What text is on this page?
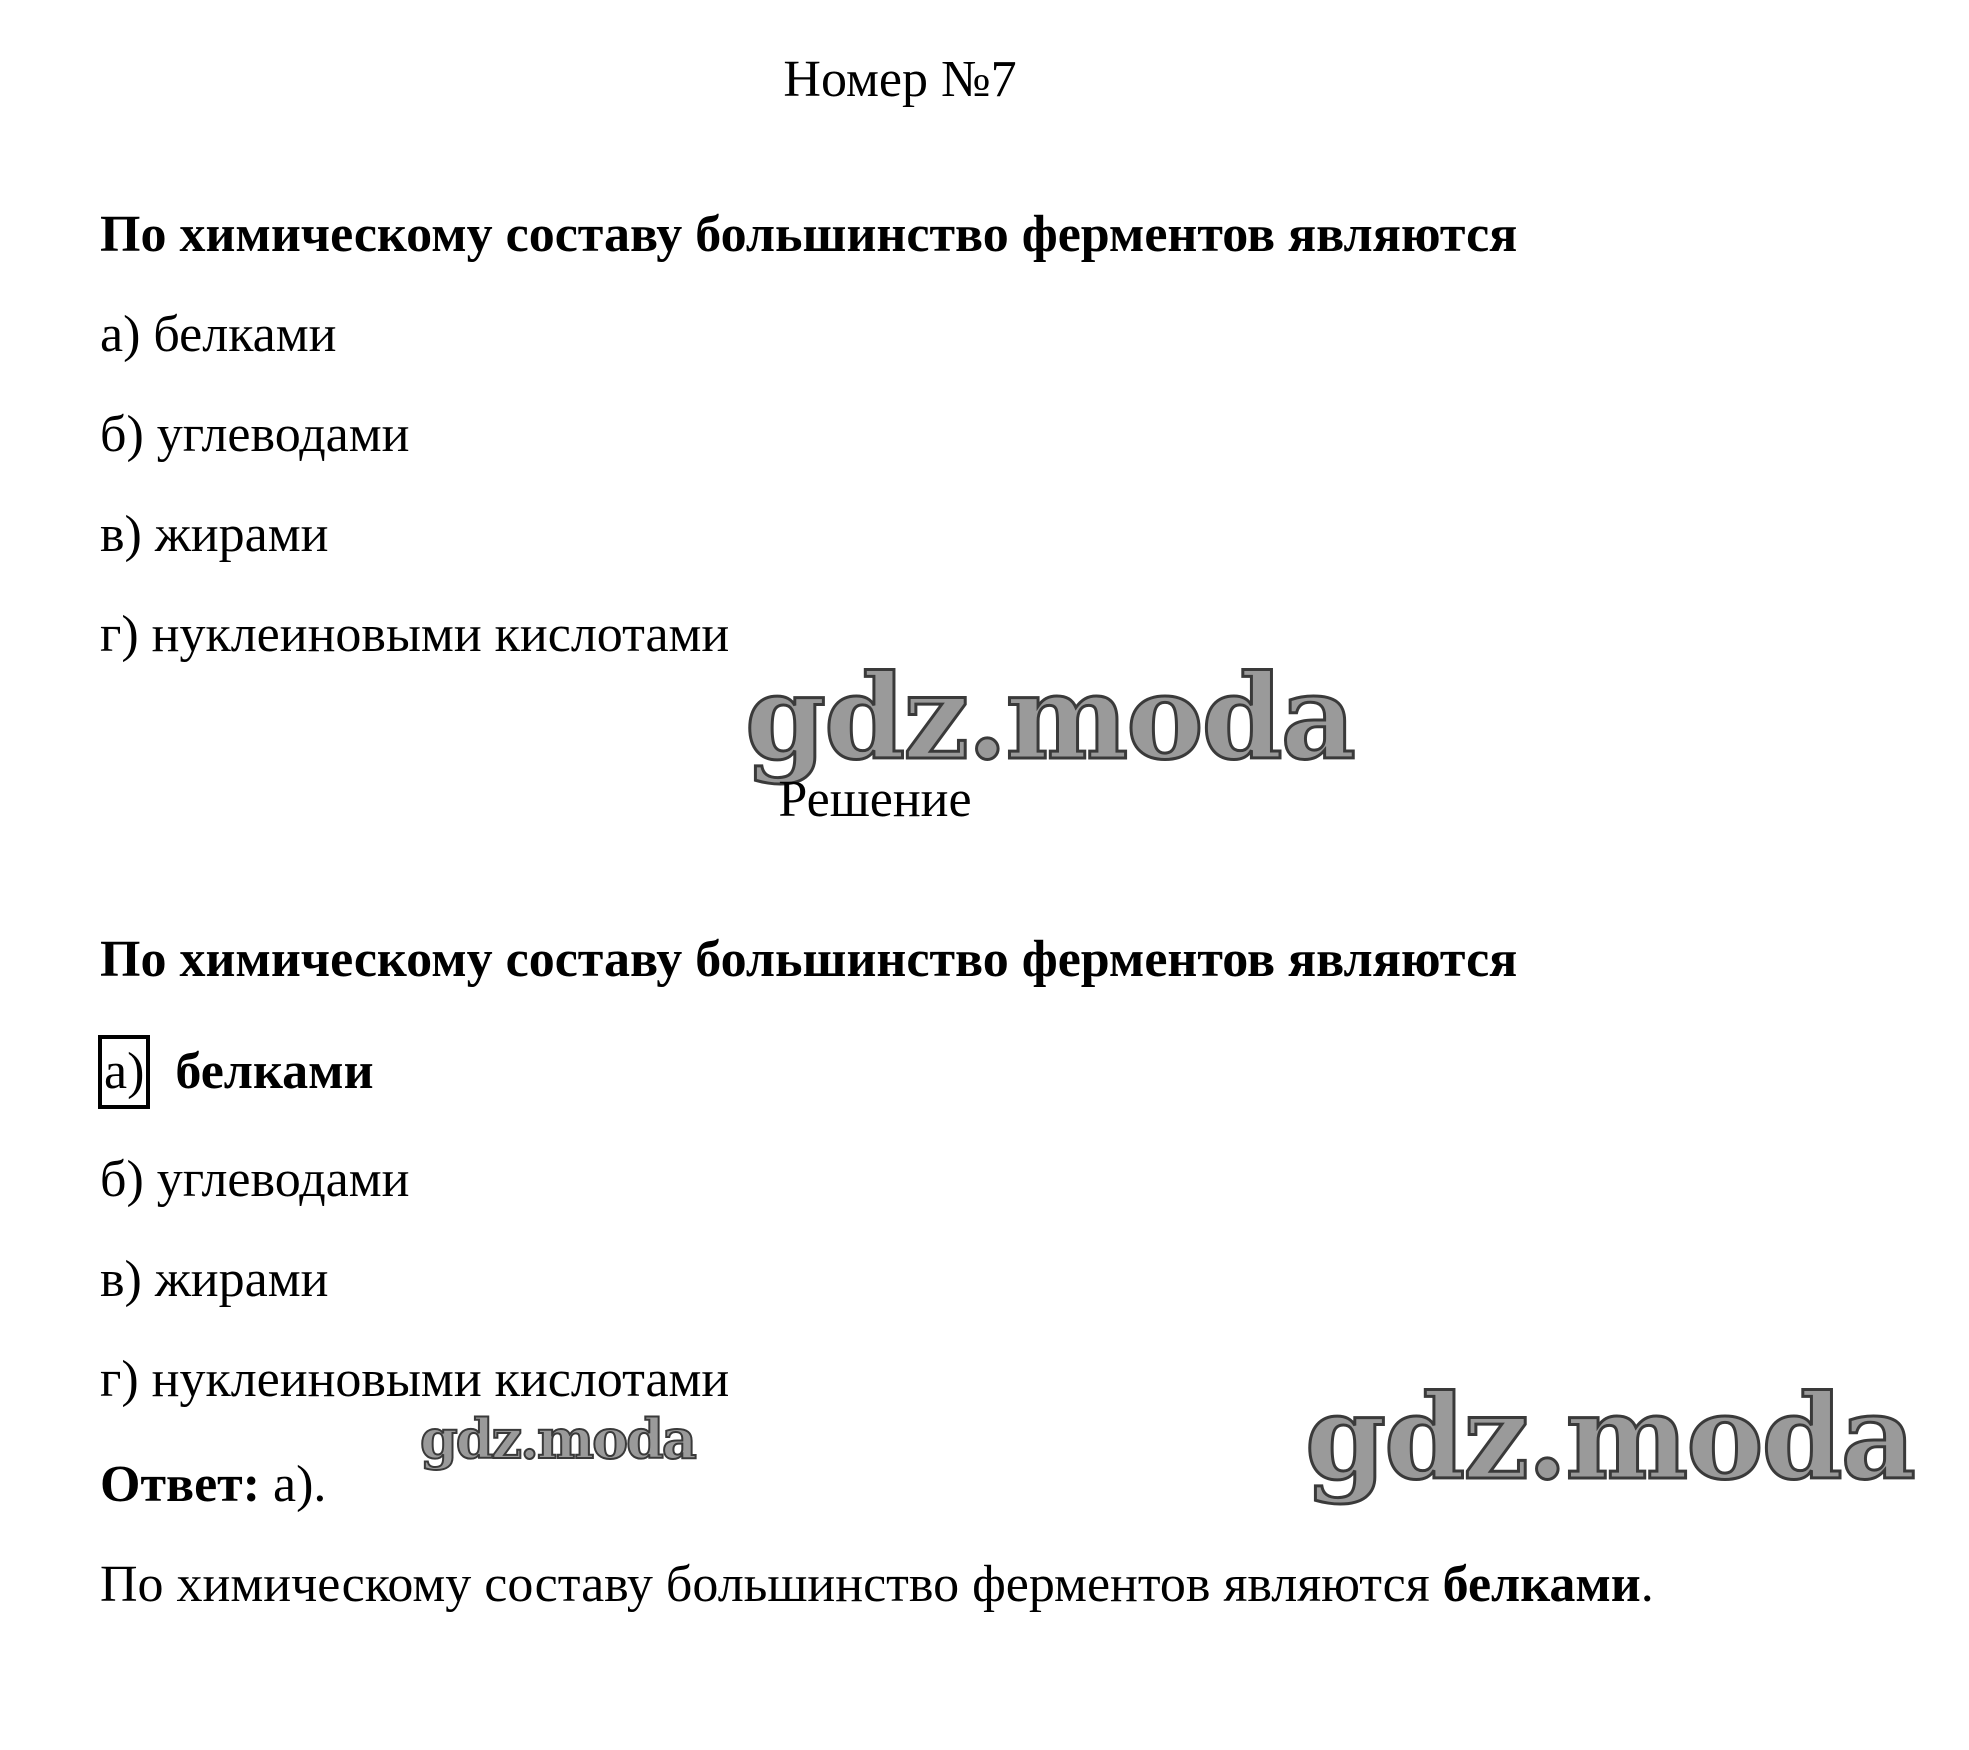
Номер №7
По химическому составу большинство ферментов являются
а) белками
б) углеводами
в) жирами
г) нуклеиновыми кислотами
gdz.moda
Решение
По химическому составу большинство ферментов являются
а) белками
б) углеводами
в) жирами
г) нуклеиновыми кислотами
gdz.moda	gdz.moda
Ответ: а).
По химическому составу большинство ферментов являются белками.
